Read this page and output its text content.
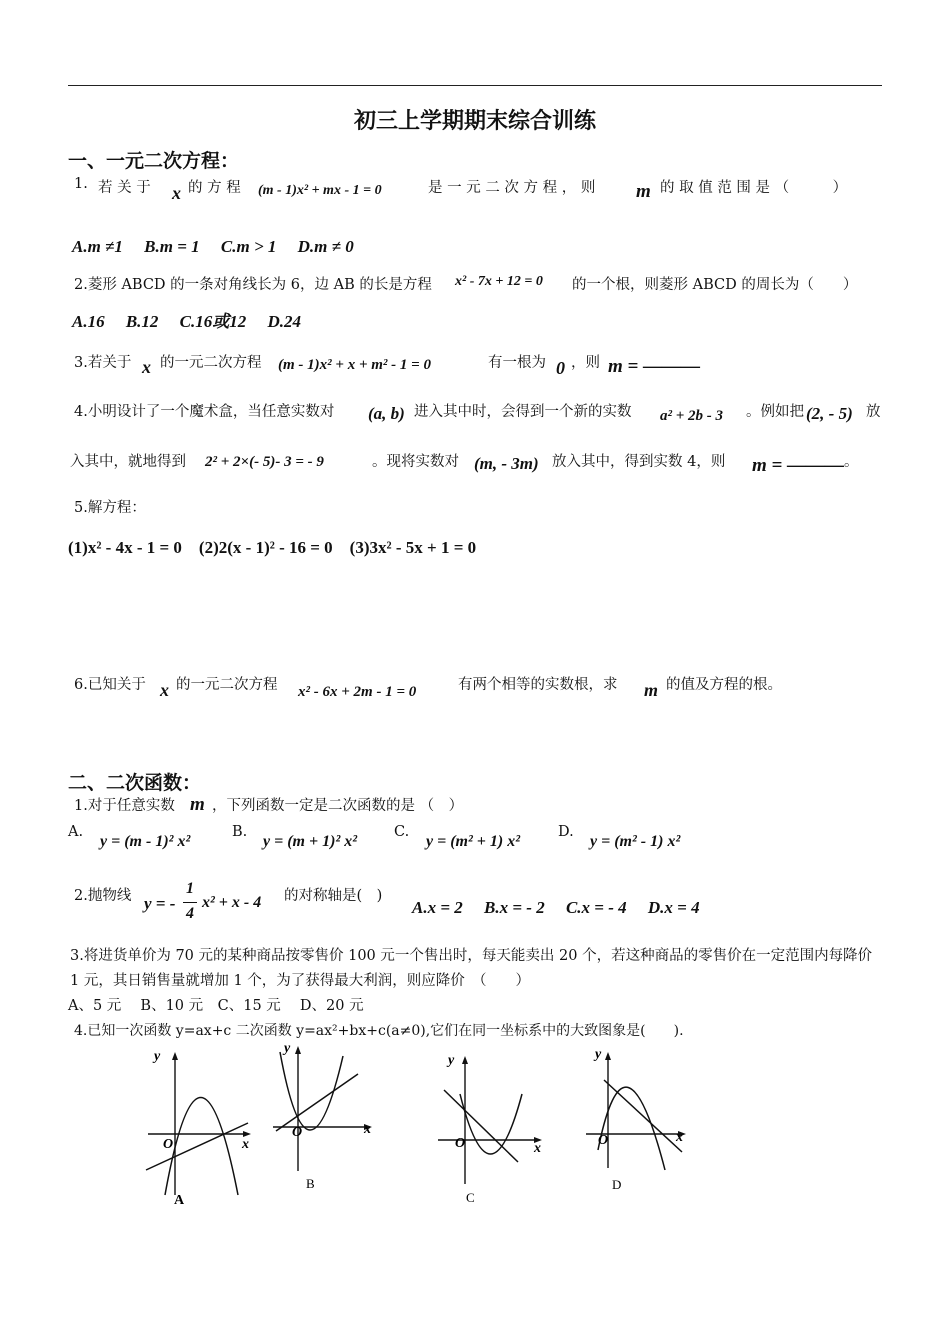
初三上学期期末综合训练
一、一元二次方程：
1. 若 关 于 x 的 方 程 (m - 1)x² + mx - 1 = 0	是 一 元 二 次 方 程 ， 则 m 的 取 值 范 围 是 （　　　）
A.m ≠1　 B.m = 1　 C.m > 1　 D.m ≠ 0
2.菱形 ABCD 的一条对角线长为 6，边 AB 的长是方程 x² - 7x + 12 = 0 的一个根，则菱形 ABCD 的周长为（　　）
A.16　 B.12　 C.16或12　 D.24
3.若关于 x 的一元二次方程 (m - 1)x² + x + m² - 1 = 0	有一根为 0 ，则 m = ———
4.小明设计了一个魔术盒，当任意实数对 (a, b) 进入其中时，会得到一个新的实数 a² + 2b - 3 。例如把 (2, - 5) 放
入其中，就地得到 2² + 2×(- 5)- 3 = - 9	。现将实数对 (m, - 3m) 放入其中，得到实数 4，则 m = ——— 。
5.解方程：
(1)x² - 4x - 1 = 0　(2)2(x - 1)² - 16 = 0　(3)3x² - 5x + 1 = 0
6.已知关于 x 的一元二次方程 x² - 6x + 2m - 1 = 0	有两个相等的实数根，求 m 的值及方程的根。
二、二次函数：
1.对于任意实数 m ，下列函数一定是二次函数的是 （　）
A.
y = (m - 1)² x²
B.
y = (m + 1)² x²
C.
y = (m² + 1) x²
D.
y = (m² - 1) x²
2.抛物线 y = -
1
4
x² + x - 4 的对称轴是(　)
A.x = 2　 B.x = - 2　 C.x = - 4　 D.x = 4
3.将进货单价为 70 元的某种商品按零售价 100 元一个售出时，每天能卖出 20 个，若这种商品的零售价在一定范围内每降价 1 元，其日销售量就增加 1 个，为了获得最大利润，则应降价　（　　）
A、5 元　 B、10 元　C、15 元　 D、20 元
4.已知一次函数 y=ax+c 二次函数 y=ax²+bx+c(a≠0),它们在同一坐标系中的大致图象是(　　).
y
x
O
A
y
x
O
B
y
x
O
C
y
x
O
D
